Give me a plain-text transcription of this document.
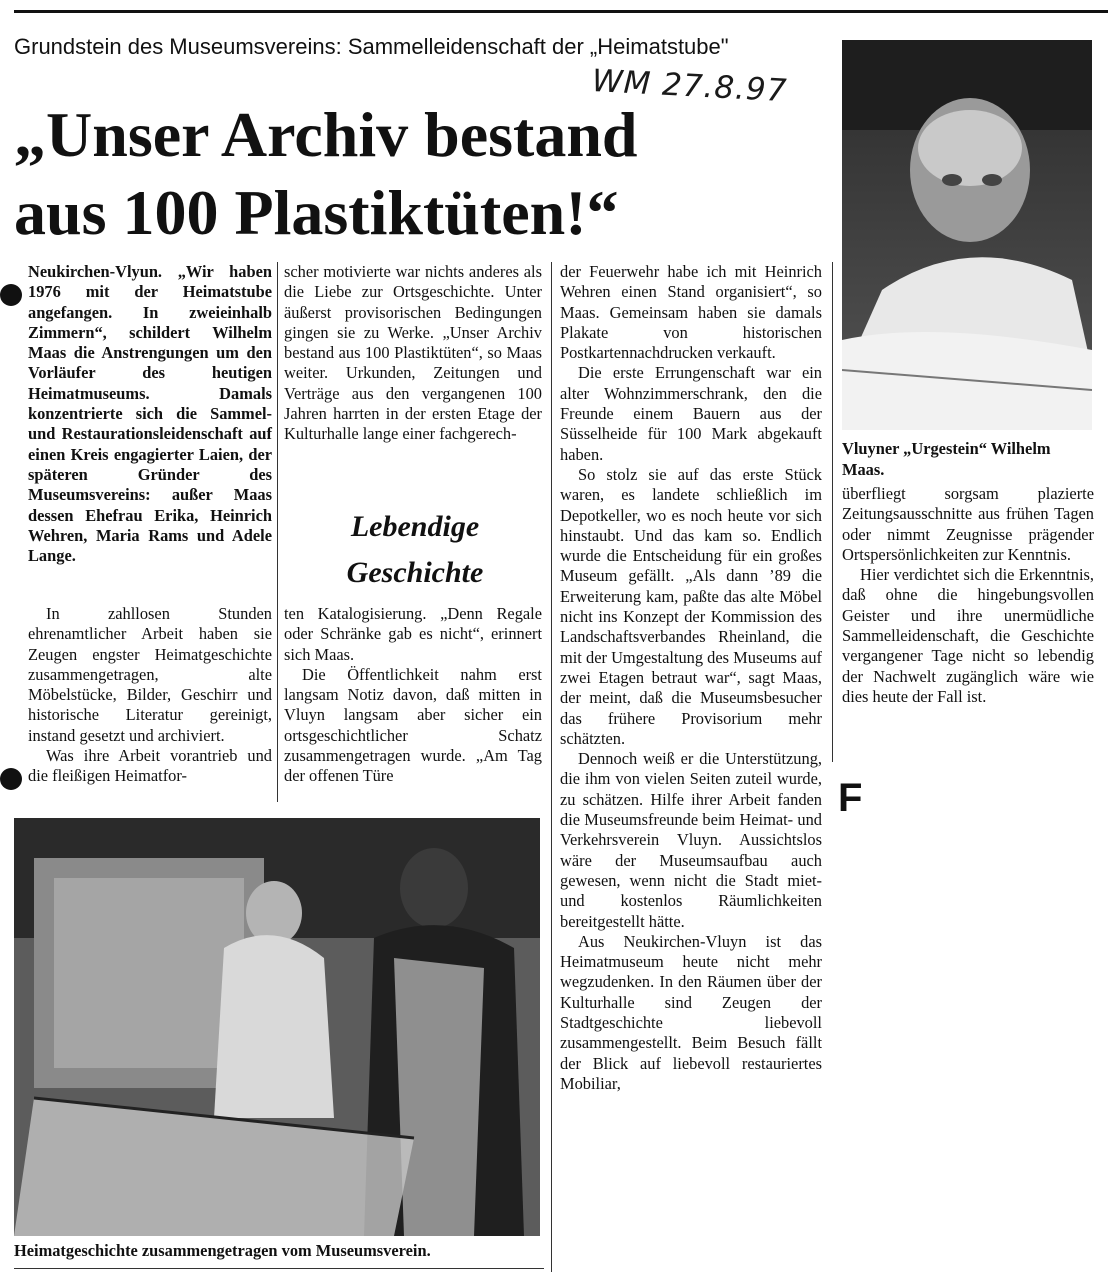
Grundstein des Museumsvereins: Sammelleidenschaft der „Heimatstube"
WM 27.8.97
„Unser Archiv bestand
aus 100 Plastiktüten!“
Vluyner „Urgestein“ Wilhelm Maas.

Neukirchen-Vlyun. „Wir haben 1976 mit der Heimatstube angefangen. In zweieinhalb Zimmern“, schildert Wilhelm Maas die Anstrengungen um den Vorläufer des heutigen Heimatmuseums. Damals konzentrierte sich die Sammel- und Restaurationsleidenschaft auf einen Kreis engagierter Laien, der späteren Gründer des Museumsvereins: außer Maas dessen Ehefrau Erika, Heinrich Wehren, Maria Rams und Adele Lange.

In zahllosen Stunden ehrenamtlicher Arbeit haben sie Zeugen engster Heimatgeschichte zusammengetragen, alte Möbelstücke, Bilder, Geschirr und historische Literatur gereinigt, instand gesetzt und archiviert.

Was ihre Arbeit vorantrieb und die fleißigen Heimatfor-

scher motivierte war nichts anderes als die Liebe zur Ortsgeschichte. Unter äußerst provisorischen Bedingungen gingen sie zu Werke. „Unser Archiv bestand aus 100 Plastiktüten“, so Maas weiter. Urkunden, Zeitungen und Verträge aus den vergangenen 100 Jahren harrten in der ersten Etage der Kulturhalle lange einer fachgerech-

Lebendige
Geschichte

ten Katalogisierung. „Denn Regale oder Schränke gab es nicht“, erinnert sich Maas.

Die Öffentlichkeit nahm erst langsam Notiz davon, daß mitten in Vluyn langsam aber sicher ein ortsgeschichtlicher Schatz zusammengetragen wurde. „Am Tag der offenen Türe

der Feuerwehr habe ich mit Heinrich Wehren einen Stand organisiert“, so Maas. Gemeinsam haben sie damals Plakate von historischen Postkartennachdrucken verkauft.

Die erste Errungenschaft war ein alter Wohnzimmerschrank, den die Freunde einem Bauern aus der Süsselheide für 100 Mark abgekauft haben.

So stolz sie auf das erste Stück waren, es landete schließlich im Depotkeller, wo es noch heute vor sich hinstaubt. Und das kam so. Endlich wurde die Entscheidung für ein großes Museum gefällt. „Als dann ’89 die Erweiterung kam, paßte das alte Möbel nicht ins Konzept der Kommission des Landschaftsverbandes Rheinland, die mit der Umgestaltung des Museums auf zwei Etagen betraut war“, sagt Maas, der meint, daß die Museumsbesucher das frühere Provisorium mehr schätzten.

Dennoch weiß er die Unterstützung, die ihm von vielen Seiten zuteil wurde, zu schätzen. Hilfe ihrer Arbeit fanden die Museumsfreunde beim Heimat- und Verkehrsverein Vluyn. Aussichtslos wäre der Museumsaufbau auch gewesen, wenn nicht die Stadt miet- und kostenlos Räumlichkeiten bereitgestellt hätte.

Aus Neukirchen-Vluyn ist das Heimatmuseum heute nicht mehr wegzudenken. In den Räumen über der Kulturhalle sind Zeugen der Stadtgeschichte liebevoll zusammengestellt. Beim Besuch fällt der Blick auf liebevoll restauriertes Mobiliar,

überfliegt sorgsam plazierte Zeitungsausschnitte aus frühen Tagen oder nimmt Zeugnisse prägender Ortspersönlichkeiten zur Kenntnis.

Hier verdichtet sich die Erkenntnis, daß ohne die hingebungsvollen Geister und ihre unermüdliche Sammelleidenschaft, die Geschichte vergangener Tage nicht so lebendig der Nachwelt zugänglich wäre wie dies heute der Fall ist.

F
Heimatgeschichte zusammengetragen vom Museumsverein.
